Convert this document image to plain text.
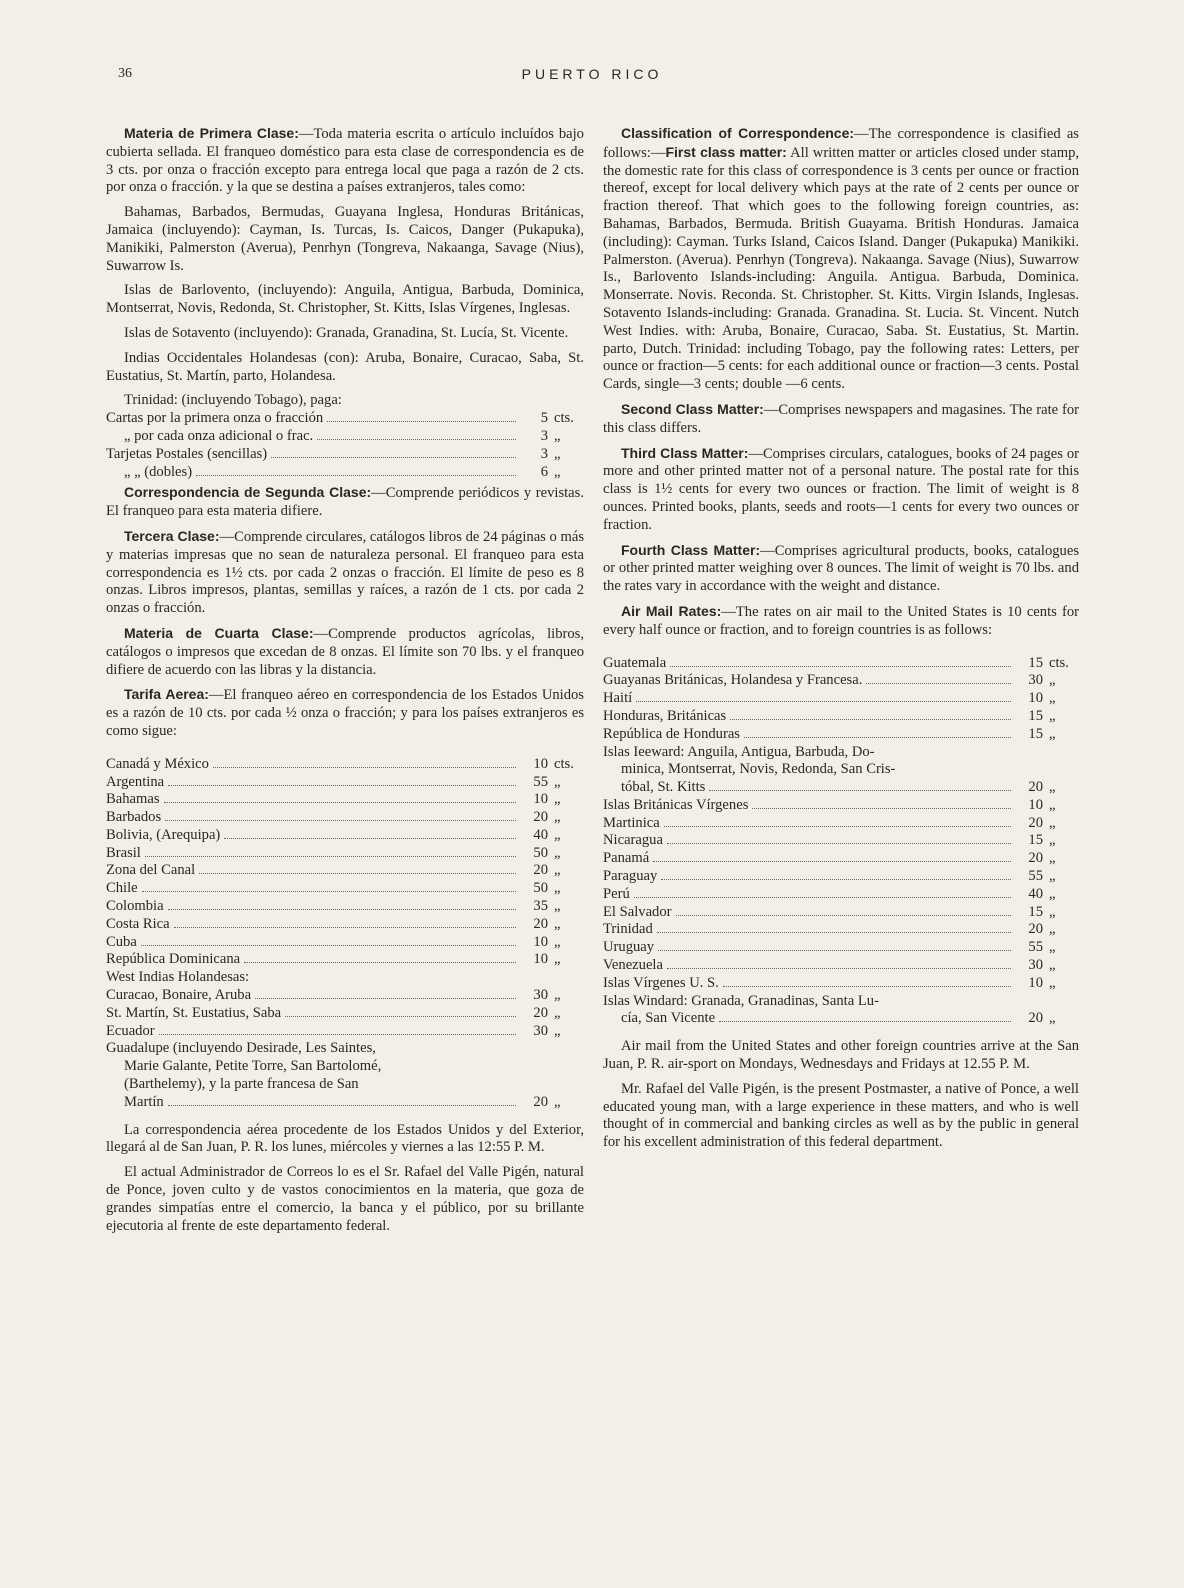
36	PUERTO RICO

Materia de Primera Clase:—Toda materia escrita o artículo incluídos bajo cubierta sellada. El franqueo doméstico para esta clase de correspondencia es de 3 cts. por onza o fracción excepto para entrega local que paga a razón de 2 cts. por onza o fracción. y la que se destina a países extranjeros, tales como:

Bahamas, Barbados, Bermudas, Guayana Inglesa, Honduras Británicas, Jamaica (incluyendo): Cayman, Is. Turcas, Is. Caicos, Danger (Pukapuka), Manikiki, Palmerston (Averua), Penrhyn (Tongreva, Nakaanga, Savage (Nius), Suwarrow Is.

Islas de Barlovento, (incluyendo): Anguila, Antigua, Barbuda, Dominica, Montserrat, Novis, Redonda, St. Christopher, St. Kitts, Islas Vírgenes, Inglesas.

Islas de Sotavento (incluyendo): Granada, Granadina, St. Lucía, St. Vicente.

Indias Occidentales Holandesas (con): Aruba, Bonaire, Curacao, Saba, St. Eustatius, St. Martín, parto, Holandesa.

Trinidad: (incluyendo Tobago), paga:

Cartas por la primera onza o fracción	5 cts.
„ por cada onza adicional o frac.	3 „
Tarjetas Postales (sencillas)	3 „
„ „ (dobles)	6 „

Correspondencia de Segunda Clase:—Comprende periódicos y revistas. El franqueo para esta materia difiere.

Tercera Clase:—Comprende circulares, catálogos libros de 24 páginas o más y materias impresas que no sean de naturaleza personal. El franqueo para esta correspondencia es 1½ cts. por cada 2 onzas o fracción. El límite de peso es 8 onzas. Libros impresos, plantas, semillas y raíces, a razón de 1 cts. por cada 2 onzas o fracción.

Materia de Cuarta Clase:—Comprende productos agrícolas, libros, catálogos o impresos que excedan de 8 onzas. El límite son 70 lbs. y el franqueo difiere de acuerdo con las libras y la distancia.

Tarifa Aerea:—El franqueo aéreo en correspondencia de los Estados Unidos es a razón de 10 cts. por cada ½ onza o fracción; y para los países extranjeros es como sigue:

Canadá y México	10 cts.
Argentina	55 „
Bahamas	10 „
Barbados	20 „
Bolivia, (Arequipa)	40 „
Brasil	50 „
Zona del Canal	20 „
Chile	50 „
Colombia	35 „
Costa Rica	20 „
Cuba	10 „
República Dominicana	10 „
West Indias Holandesas:
Curacao, Bonaire, Aruba	30 „
St. Martín, St. Eustatius, Saba	20 „
Ecuador	30 „
Guadalupe (incluyendo Desirade, Les Saintes,
Marie Galante, Petite Torre, San Bartolomé,
(Barthelemy), y la parte francesa de San
Martín	20 „

La correspondencia aérea procedente de los Estados Unidos y del Exterior, llegará al de San Juan, P. R. los lunes, miércoles y viernes a las 12:55 P. M.

El actual Administrador de Correos lo es el Sr. Rafael del Valle Pigén, natural de Ponce, joven culto y de vastos conocimientos en la materia, que goza de grandes simpatías entre el comercio, la banca y el público, por su brillante ejecutoria al frente de este departamento federal.

Classification of Correspondence:—The correspondence is clasified as follows:—First class matter: All written matter or articles closed under stamp, the domestic rate for this class of correspondence is 3 cents per ounce or fraction thereof, except for local delivery which pays at the rate of 2 cents per ounce or fraction thereof. That which goes to the following foreign countries, as: Bahamas, Barbados, Bermuda. British Guayama. British Honduras. Jamaica (including): Cayman. Turks Island, Caicos Island. Danger (Pukapuka) Manikiki. Palmerston. (Averua). Penrhyn (Tongreva). Nakaanga. Savage (Nius), Suwarrow Is., Barlovento Islands-including: Anguila. Antigua. Barbuda, Dominica. Monserrate. Novis. Reconda. St. Christopher. St. Kitts. Virgin Islands, Inglesas. Sotavento Islands-including: Granada. Granadina. St. Lucia. St. Vincent. Nutch West Indies. with: Aruba, Bonaire, Curacao, Saba. St. Eustatius, St. Martin. parto, Dutch. Trinidad: including Tobago, pay the following rates: Letters, per ounce or fraction—5 cents: for each additional ounce or fraction—3 cents. Postal Cards, single—3 cents; double —6 cents.

Second Class Matter:—Comprises newspapers and magasines. The rate for this class differs.

Third Class Matter:—Comprises circulars, catalogues, books of 24 pages or more and other printed matter not of a personal nature. The postal rate for this class is 1½ cents for every two ounces or fraction. The limit of weight is 8 ounces. Printed books, plants, seeds and roots—1 cents for every two ounces or fraction.

Fourth Class Matter:—Comprises agricultural products, books, catalogues or other printed matter weighing over 8 ounces. The limit of weight is 70 lbs. and the rates vary in accordance with the weight and distance.

Air Mail Rates:—The rates on air mail to the United States is 10 cents for every half ounce or fraction, and to foreign countries is as follows:

Guatemala	15 cts.
Guayanas Británicas, Holandesa y Francesa.	30 „
Haití	10 „
Honduras, Británicas	15 „
República de Honduras	15 „
Islas Ieeward: Anguila, Antigua, Barbuda, Do-
minica, Montserrat, Novis, Redonda, San Cris-
tóbal, St. Kitts	20 „
Islas Británicas Vírgenes	10 „
Martinica	20 „
Nicaragua	15 „
Panamá	20 „
Paraguay	55 „
Perú	40 „
El Salvador	15 „
Trinidad	20 „
Uruguay	55 „
Venezuela	30 „
Islas Vírgenes U. S.	10 „
Islas Windard: Granada, Granadinas, Santa Lu-
cía, San Vicente	20 „

Air mail from the United States and other foreign countries arrive at the San Juan, P. R. air-sport on Mondays, Wednesdays and Fridays at 12.55 P. M.

Mr. Rafael del Valle Pigén, is the present Postmaster, a native of Ponce, a well educated young man, with a large experience in these matters, and who is well thought of in commercial and banking circles as well as by the public in general for his excellent administration of this federal department.
